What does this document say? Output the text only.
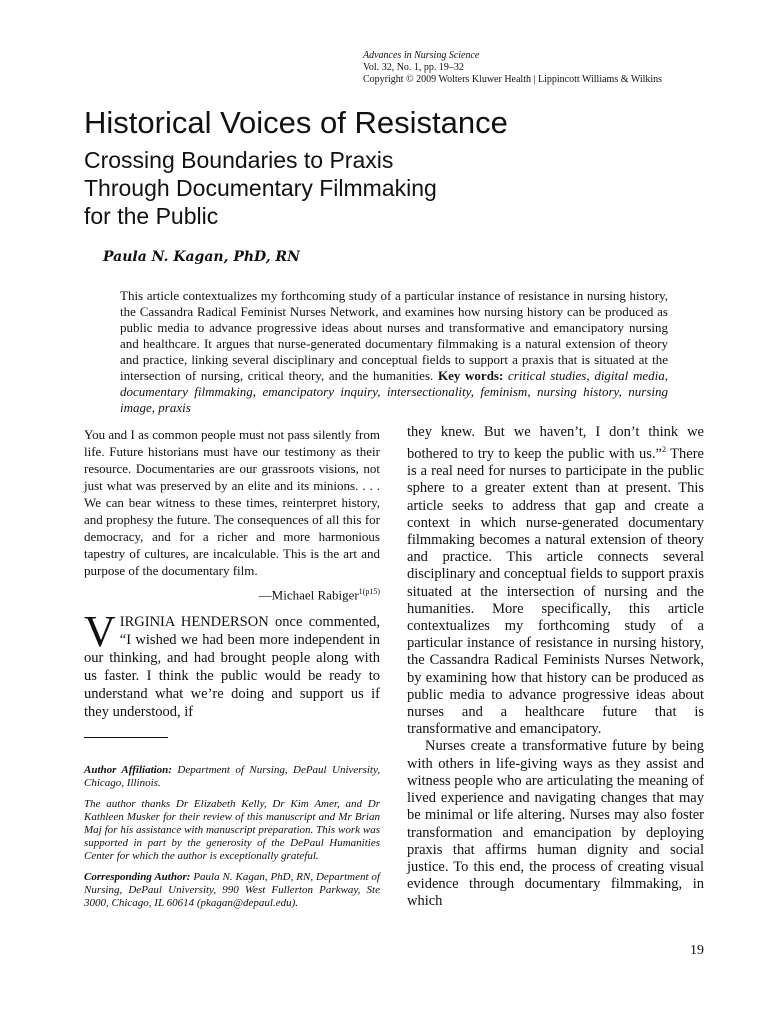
Advances in Nursing Science
Vol. 32, No. 1, pp. 19–32
Copyright © 2009 Wolters Kluwer Health | Lippincott Williams & Wilkins
Historical Voices of Resistance
Crossing Boundaries to Praxis
Through Documentary Filmmaking
for the Public
Paula N. Kagan, PhD, RN
This article contextualizes my forthcoming study of a particular instance of resistance in nursing history, the Cassandra Radical Feminist Nurses Network, and examines how nursing history can be produced as public media to advance progressive ideas about nurses and transformative and emancipatory nursing and healthcare. It argues that nurse-generated documentary filmmaking is a natural extension of theory and practice, linking several disciplinary and conceptual fields to support a praxis that is situated at the intersection of nursing, critical theory, and the humanities. Key words: critical studies, digital media, documentary filmmaking, emancipatory inquiry, intersectionality, feminism, nursing history, nursing image, praxis

You and I as common people must not pass silently from life. Future historians must have our testimony as their resource. Documentaries are our grassroots visions, not just what was preserved by an elite and its minions. . . . We can bear witness to these times, reinterpret history, and prophesy the future. The consequences of all this for democracy, and for a richer and more harmonious tapestry of cultures, are incalculable. This is the art and purpose of the documentary film.

—Michael Rabiger$^{1(p15)}$

VIRGINIA HENDERSON once commented, “I wished we had been more independent in our thinking, and had brought people along with us faster. I think the public would be ready to understand what we’re doing and support us if they understood, if

Author Affiliation: Department of Nursing, DePaul University, Chicago, Illinois.

The author thanks Dr Elizabeth Kelly, Dr Kim Amer, and Dr Kathleen Musker for their review of this manuscript and Mr Brian Maj for his assistance with manuscript preparation. This work was supported in part by the generosity of the DePaul Humanities Center for which the author is exceptionally grateful.

Corresponding Author: Paula N. Kagan, PhD, RN, Department of Nursing, DePaul University, 990 West Fullerton Parkway, Ste 3000, Chicago, IL 60614 (pkagan@depaul.edu).

they knew. But we haven’t, I don’t think we bothered to try to keep the public with us.”$^2$ There is a real need for nurses to participate in the public sphere to a greater extent than at present. This article seeks to address that gap and create a context in which nurse-generated documentary filmmaking becomes a natural extension of theory and practice. This article connects several disciplinary and conceptual fields to support praxis situated at the intersection of nursing and the humanities. More specifically, this article contextualizes my forthcoming study of a particular instance of resistance in nursing history, the Cassandra Radical Feminists Nurses Network, by examining how that history can be produced as public media to advance progressive ideas about nurses and a healthcare future that is transformative and emancipatory.

Nurses create a transformative future by being with others in life-giving ways as they assist and witness people who are articulating the meaning of lived experience and navigating changes that may be minimal or life altering. Nurses may also foster transformation and emancipation by deploying praxis that affirms human dignity and social justice. To this end, the process of creating visual evidence through documentary filmmaking, in which

19
